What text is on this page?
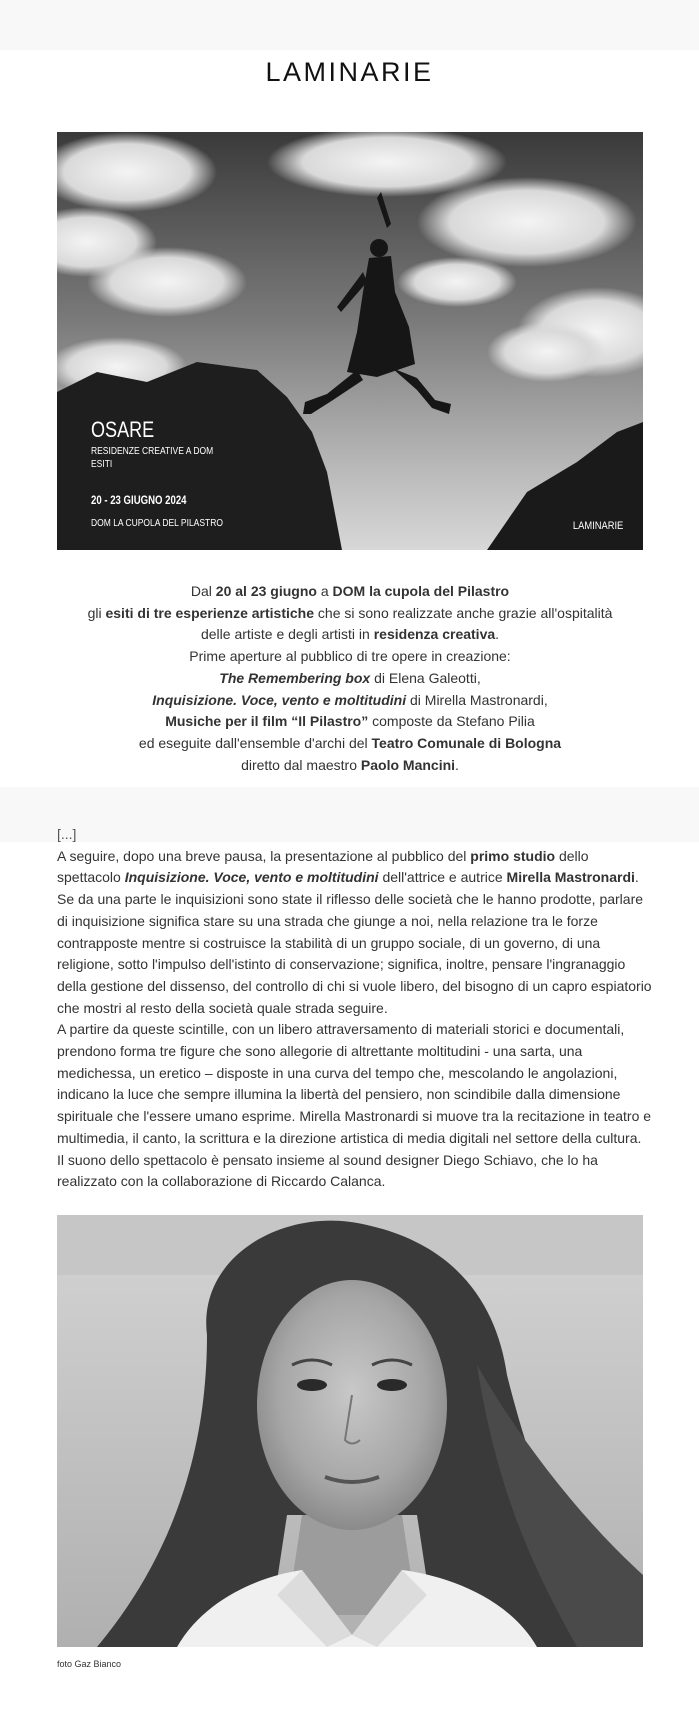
LAMINARIE
OSARE
RESIDENZE CREATIVE A DOM
ESITI
20 - 23 GIUGNO 2024
DOM LA CUPOLA DEL PILASTRO	LAMINARIE

Dal 20 al 23 giugno a DOM la cupola del Pilastro

gli esiti di tre esperienze artistiche che si sono realizzate anche grazie all'ospitalità

delle artiste e degli artisti in residenza creativa.

Prime aperture al pubblico di tre opere in creazione:

The Remembering box di Elena Galeotti,

Inquisizione. Voce, vento e moltitudini di Mirella Mastronardi,

Musiche per il film “Il Pilastro” composte da Stefano Pilia

ed eseguite dall'ensemble d'archi del Teatro Comunale di Bologna

diretto dal maestro Paolo Mancini.

[...]

A seguire, dopo una breve pausa, la presentazione al pubblico del primo studio dello spettacolo Inquisizione. Voce, vento e moltitudini dell'attrice e autrice Mirella Mastronardi. Se da una parte le inquisizioni sono state il riflesso delle società che le hanno prodotte, parlare di inquisizione significa stare su una strada che giunge a noi, nella relazione tra le forze contrapposte mentre si costruisce la stabilità di un gruppo sociale, di un governo, di una religione, sotto l'impulso dell'istinto di conservazione; significa, inoltre, pensare l'ingranaggio della gestione del dissenso, del controllo di chi si vuole libero, del bisogno di un capro espiatorio che mostri al resto della società quale strada seguire.

A partire da queste scintille, con un libero attraversamento di materiali storici e documentali, prendono forma tre figure che sono allegorie di altrettante moltitudini - una sarta, una medichessa, un eretico – disposte in una curva del tempo che, mescolando le angolazioni, indicano la luce che sempre illumina la libertà del pensiero, non scindibile dalla dimensione spirituale che l'essere umano esprime. Mirella Mastronardi si muove tra la recitazione in teatro e multimedia, il canto, la scrittura e la direzione artistica di media digitali nel settore della cultura. Il suono dello spettacolo è pensato insieme al sound designer Diego Schiavo, che lo ha realizzato con la collaborazione di Riccardo Calanca.

foto Gaz Bianco
